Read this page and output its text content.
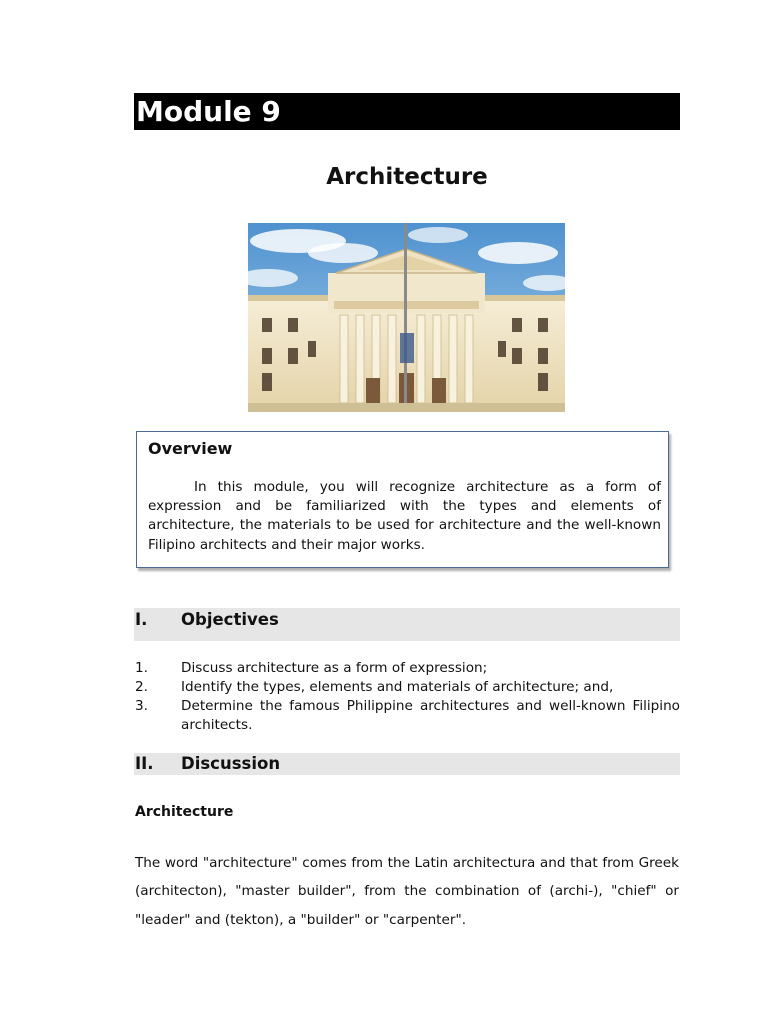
Module 9
Architecture
Overview

In this module, you will recognize architecture as a form of expression and be familiarized with the types and elements of architecture, the materials to be used for architecture and the well-known Filipino architects and their major works.

I. Objectives
1. Discuss architecture as a form of expression;
2. Identify the types, elements and materials of architecture; and,
3. Determine the famous Philippine architectures and well-known Filipino architects.
II. Discussion
Architecture

The word "architecture" comes from the Latin architectura and that from Greek (architecton), "master builder", from the combination of (archi-), "chief" or "leader" and (tekton), a "builder" or "carpenter".
